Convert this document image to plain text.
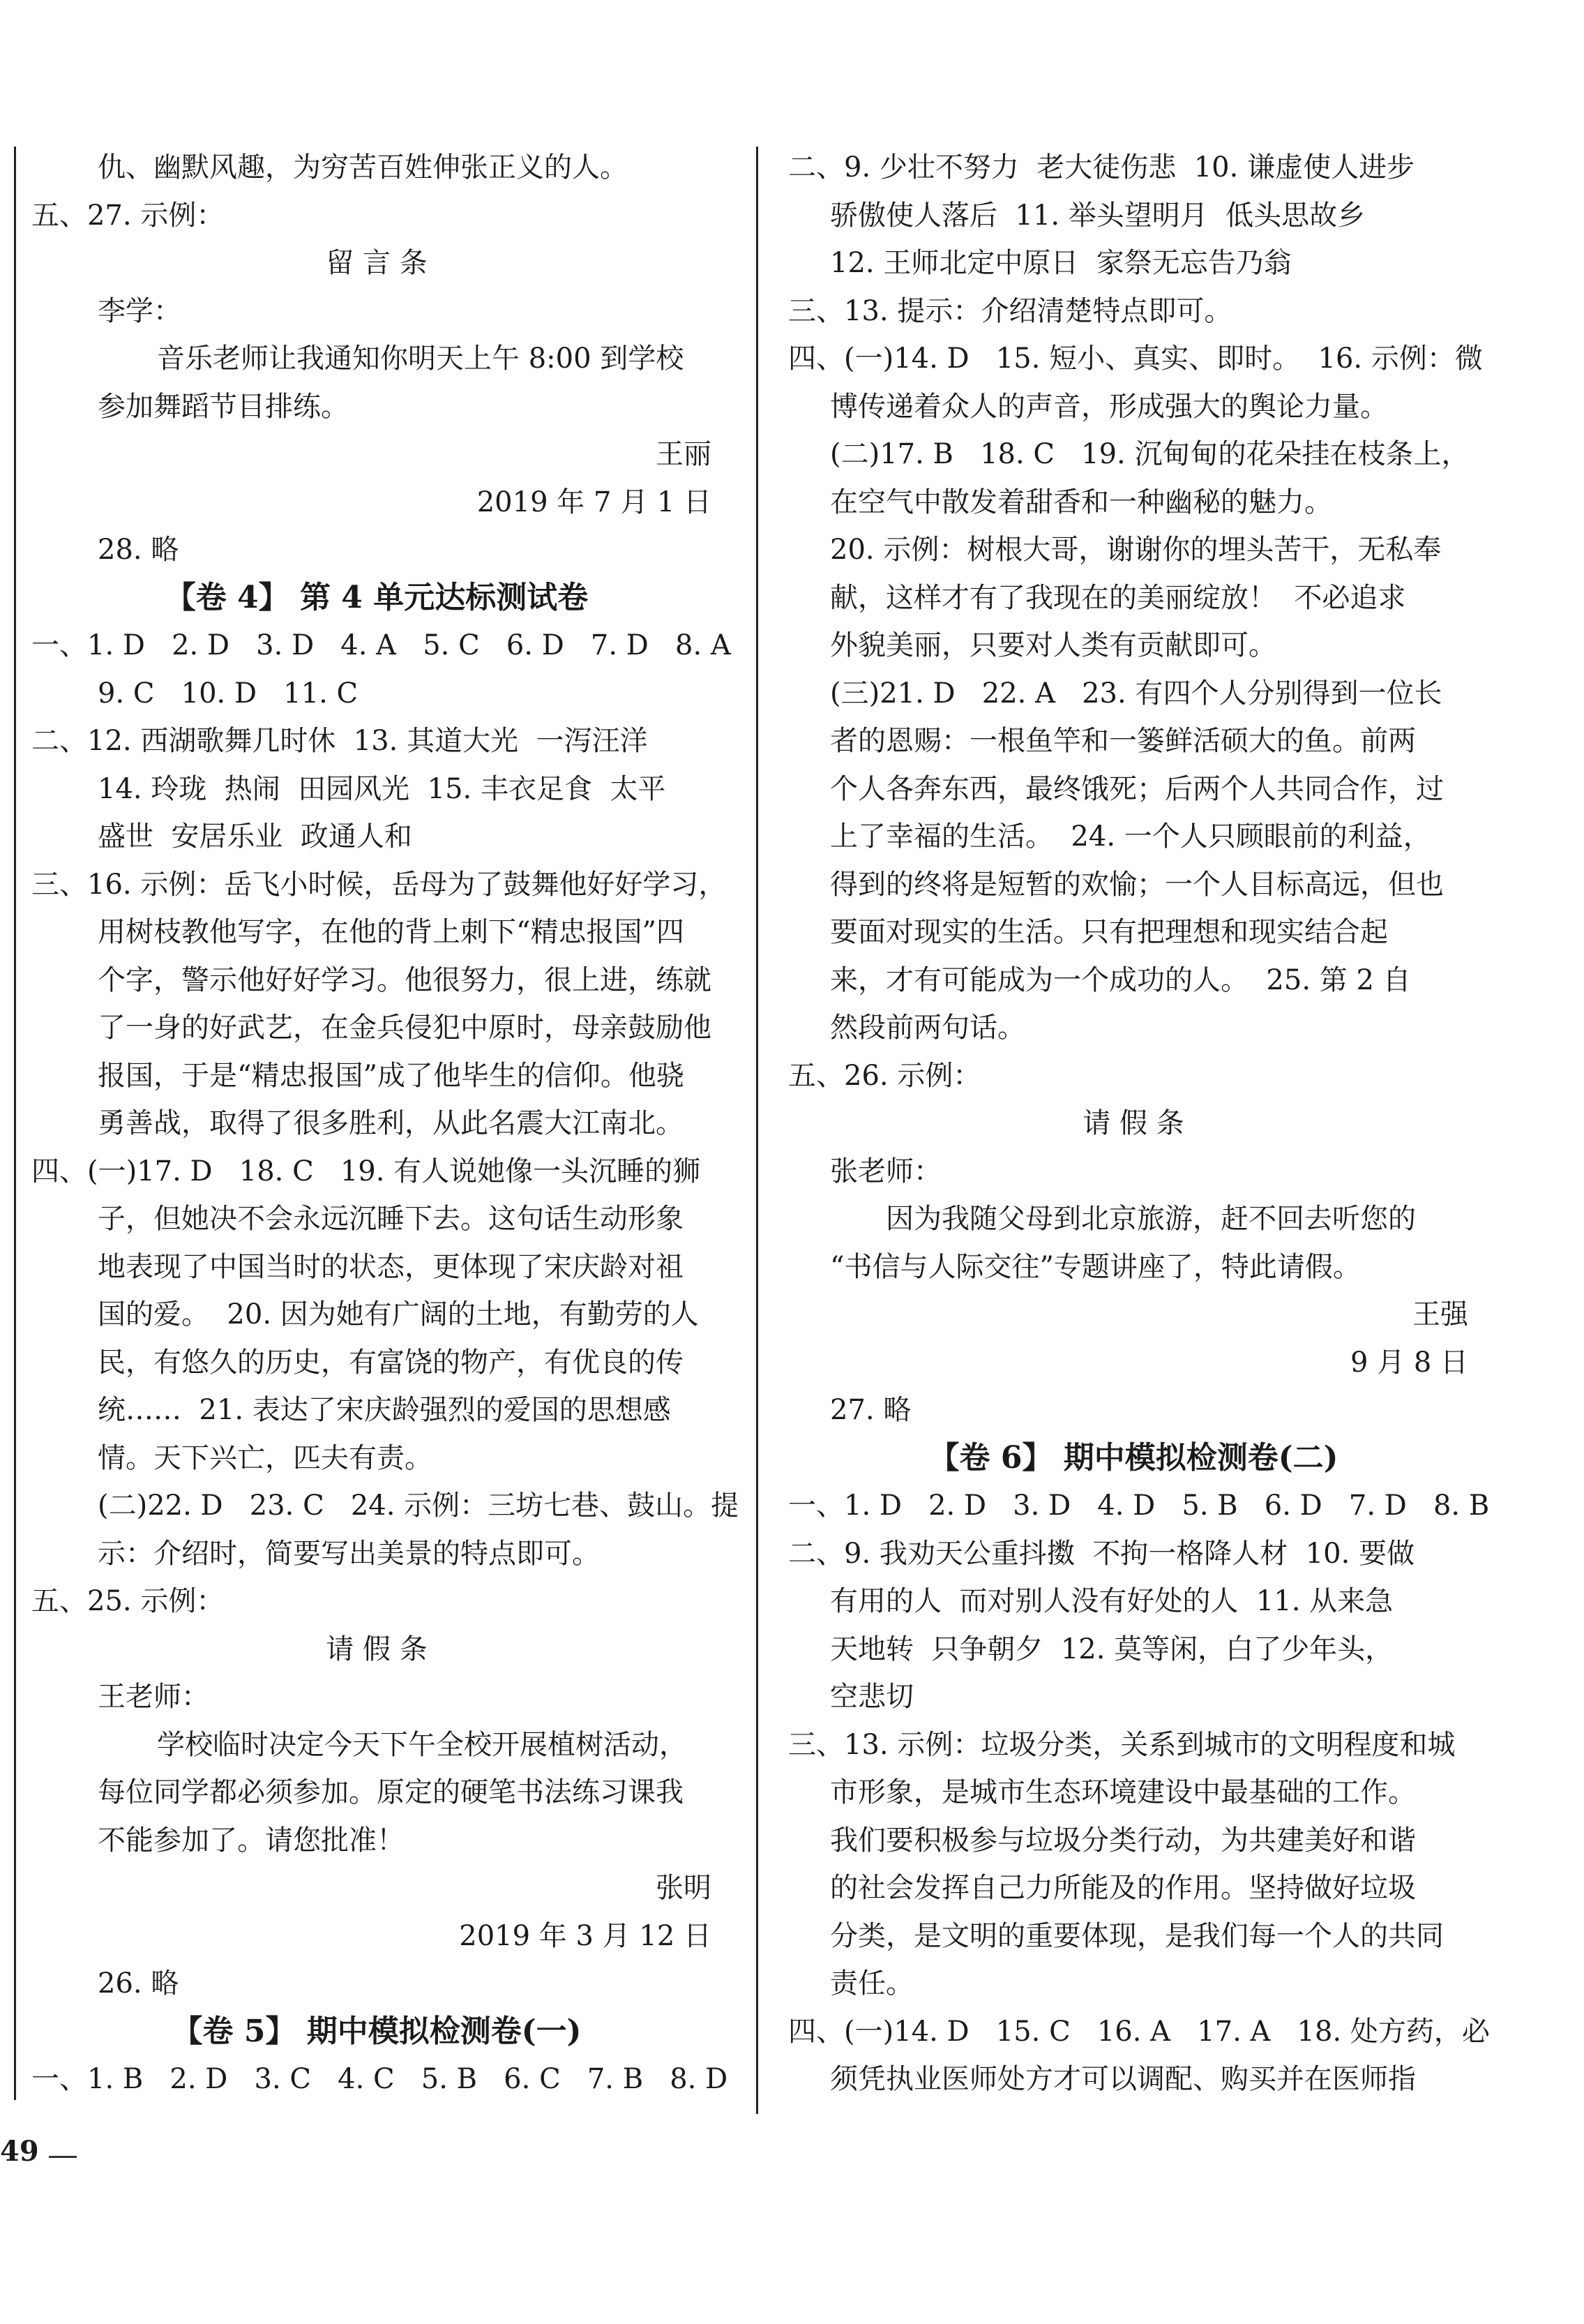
仇、幽默风趣，为穷苦百姓伸张正义的人。
五、27. 示例：
留 言 条
李学：
音乐老师让我通知你明天上午 8:00 到学校
参加舞蹈节目排练。
王丽
2019 年 7 月 1 日
28. 略
【卷 4】 第 4 单元达标测试卷
一、1. D   2. D   3. D   4. A   5. C   6. D   7. D   8. A
9. C   10. D   11. C
二、12. 西湖歌舞几时休  13. 其道大光  一泻汪洋
14. 玲珑  热闹  田园风光  15. 丰衣足食  太平
盛世  安居乐业  政通人和
三、16. 示例：岳飞小时候，岳母为了鼓舞他好好学习，
用树枝教他写字，在他的背上刺下“精忠报国”四
个字，警示他好好学习。他很努力，很上进，练就
了一身的好武艺，在金兵侵犯中原时，母亲鼓励他
报国，于是“精忠报国”成了他毕生的信仰。他骁
勇善战，取得了很多胜利，从此名震大江南北。
四、(一)17. D   18. C   19. 有人说她像一头沉睡的狮
子，但她决不会永远沉睡下去。这句话生动形象
地表现了中国当时的状态，更体现了宋庆龄对祖
国的爱。  20. 因为她有广阔的土地，有勤劳的人
民，有悠久的历史，有富饶的物产，有优良的传
统……  21. 表达了宋庆龄强烈的爱国的思想感
情。天下兴亡，匹夫有责。
(二)22. D   23. C   24. 示例：三坊七巷、鼓山。提
示：介绍时，简要写出美景的特点即可。
五、25. 示例：
请 假 条
王老师：
学校临时决定今天下午全校开展植树活动，
每位同学都必须参加。原定的硬笔书法练习课我
不能参加了。请您批准！
张明
2019 年 3 月 12 日
26. 略
【卷 5】 期中模拟检测卷(一)
一、1. B   2. D   3. C   4. C   5. B   6. C   7. B   8. D
二、9. 少壮不努力  老大徒伤悲  10. 谦虚使人进步
骄傲使人落后  11. 举头望明月  低头思故乡
12. 王师北定中原日  家祭无忘告乃翁
三、13. 提示：介绍清楚特点即可。
四、(一)14. D   15. 短小、真实、即时。  16. 示例：微
博传递着众人的声音，形成强大的舆论力量。
(二)17. B   18. C   19. 沉甸甸的花朵挂在枝条上，
在空气中散发着甜香和一种幽秘的魅力。
20. 示例：树根大哥，谢谢你的埋头苦干，无私奉
献，这样才有了我现在的美丽绽放！  不必追求
外貌美丽，只要对人类有贡献即可。
(三)21. D   22. A   23. 有四个人分别得到一位长
者的恩赐：一根鱼竿和一篓鲜活硕大的鱼。前两
个人各奔东西，最终饿死；后两个人共同合作，过
上了幸福的生活。  24. 一个人只顾眼前的利益，
得到的终将是短暂的欢愉；一个人目标高远，但也
要面对现实的生活。只有把理想和现实结合起
来，才有可能成为一个成功的人。  25. 第 2 自
然段前两句话。
五、26. 示例：
请 假 条
张老师：
因为我随父母到北京旅游，赶不回去听您的
“书信与人际交往”专题讲座了，特此请假。
王强
9 月 8 日
27. 略
【卷 6】 期中模拟检测卷(二)
一、1. D   2. D   3. D   4. D   5. B   6. D   7. D   8. B
二、9. 我劝天公重抖擞  不拘一格降人材  10. 要做
有用的人  而对别人没有好处的人  11. 从来急
天地转  只争朝夕  12. 莫等闲，白了少年头，
空悲切
三、13. 示例：垃圾分类，关系到城市的文明程度和城
市形象，是城市生态环境建设中最基础的工作。
我们要积极参与垃圾分类行动，为共建美好和谐
的社会发挥自己力所能及的作用。坚持做好垃圾
分类，是文明的重要体现，是我们每一个人的共同
责任。
四、(一)14. D   15. C   16. A   17. A   18. 处方药，必
须凭执业医师处方才可以调配、购买并在医师指
49
